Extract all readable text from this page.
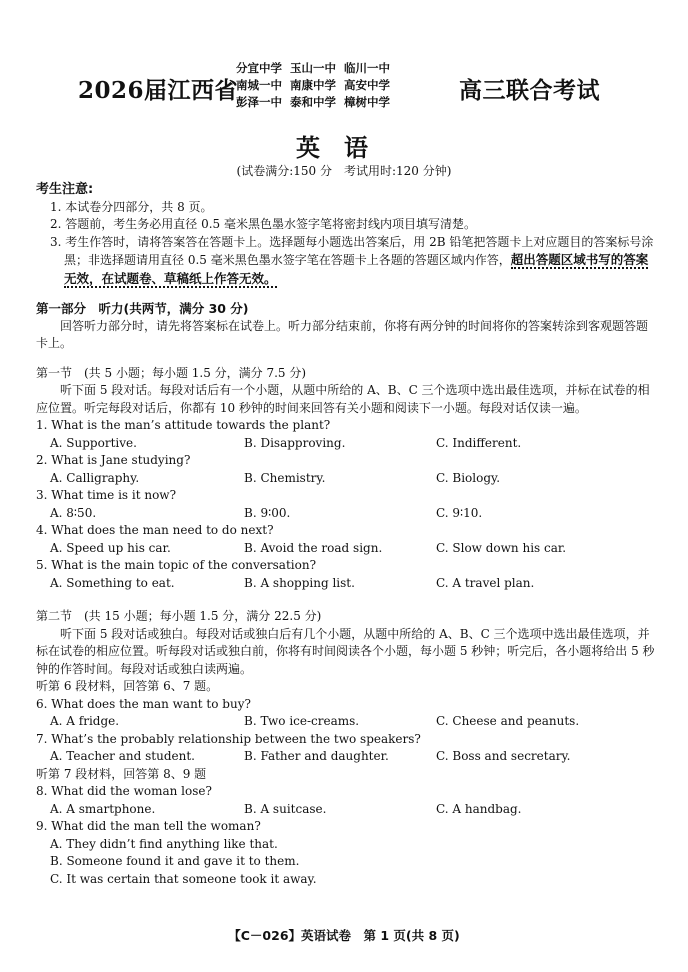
2026届江西省
分宜中学 玉山一中 临川一中
南城一中 南康中学 高安中学
彭泽一中 泰和中学 樟树中学	高三联合考试
英语
(试卷满分:150 分　考试用时:120 分钟)
考生注意:
1. 本试卷分四部分，共 8 页。
2. 答题前，考生务必用直径 0.5 毫米黑色墨水签字笔将密封线内项目填写清楚。
3. 考生作答时，请将答案答在答题卡上。选择题每小题选出答案后，用 2B 铅笔把答题卡上对应题目的答案标号涂黑；非选择题请用直径 0.5 毫米黑色墨水签字笔在答题卡上各题的答题区域内作答，超出答题区域书写的答案无效，在试题卷、草稿纸上作答无效。
第一部分　听力(共两节，满分 30 分)
回答听力部分时，请先将答案标在试卷上。听力部分结束前，你将有两分钟的时间将你的答案转涂到客观题答题卡上。
第一节　(共 5 小题；每小题 1.5 分，满分 7.5 分)
听下面 5 段对话。每段对话后有一个小题，从题中所给的 A、B、C 三个选项中选出最佳选项，并标在试卷的相应位置。听完每段对话后，你都有 10 秒钟的时间来回答有关小题和阅读下一小题。每段对话仅读一遍。
1. What is the man’s attitude towards the plant?
A. Supportive.	B. Disapproving.	C. Indifferent.
2. What is Jane studying?
A. Calligraphy.	B. Chemistry.	C. Biology.
3. What time is it now?
A. 8∶50.	B. 9∶00.	C. 9∶10.
4. What does the man need to do next?
A. Speed up his car.	B. Avoid the road sign.	C. Slow down his car.
5. What is the main topic of the conversation?
A. Something to eat.	B. A shopping list.	C. A travel plan.
第二节　(共 15 小题；每小题 1.5 分，满分 22.5 分)
听下面 5 段对话或独白。每段对话或独白后有几个小题，从题中所给的 A、B、C 三个选项中选出最佳选项，并标在试卷的相应位置。听每段对话或独白前，你将有时间阅读各个小题，每小题 5 秒钟；听完后，各小题将给出 5 秒钟的作答时间。每段对话或独白读两遍。
听第 6 段材料，回答第 6、7 题。
6. What does the man want to buy?
A. A fridge.	B. Two ice-creams.	C. Cheese and peanuts.
7. What’s the probably relationship between the two speakers?
A. Teacher and student.	B. Father and daughter.	C. Boss and secretary.
听第 7 段材料，回答第 8、9 题
8. What did the woman lose?
A. A smartphone.	B. A suitcase.	C. A handbag.
9. What did the man tell the woman?
A. They didn’t find anything like that.
B. Someone found it and gave it to them.
C. It was certain that someone took it away.
【C－026】英语试卷　第 1 页(共 8 页)
